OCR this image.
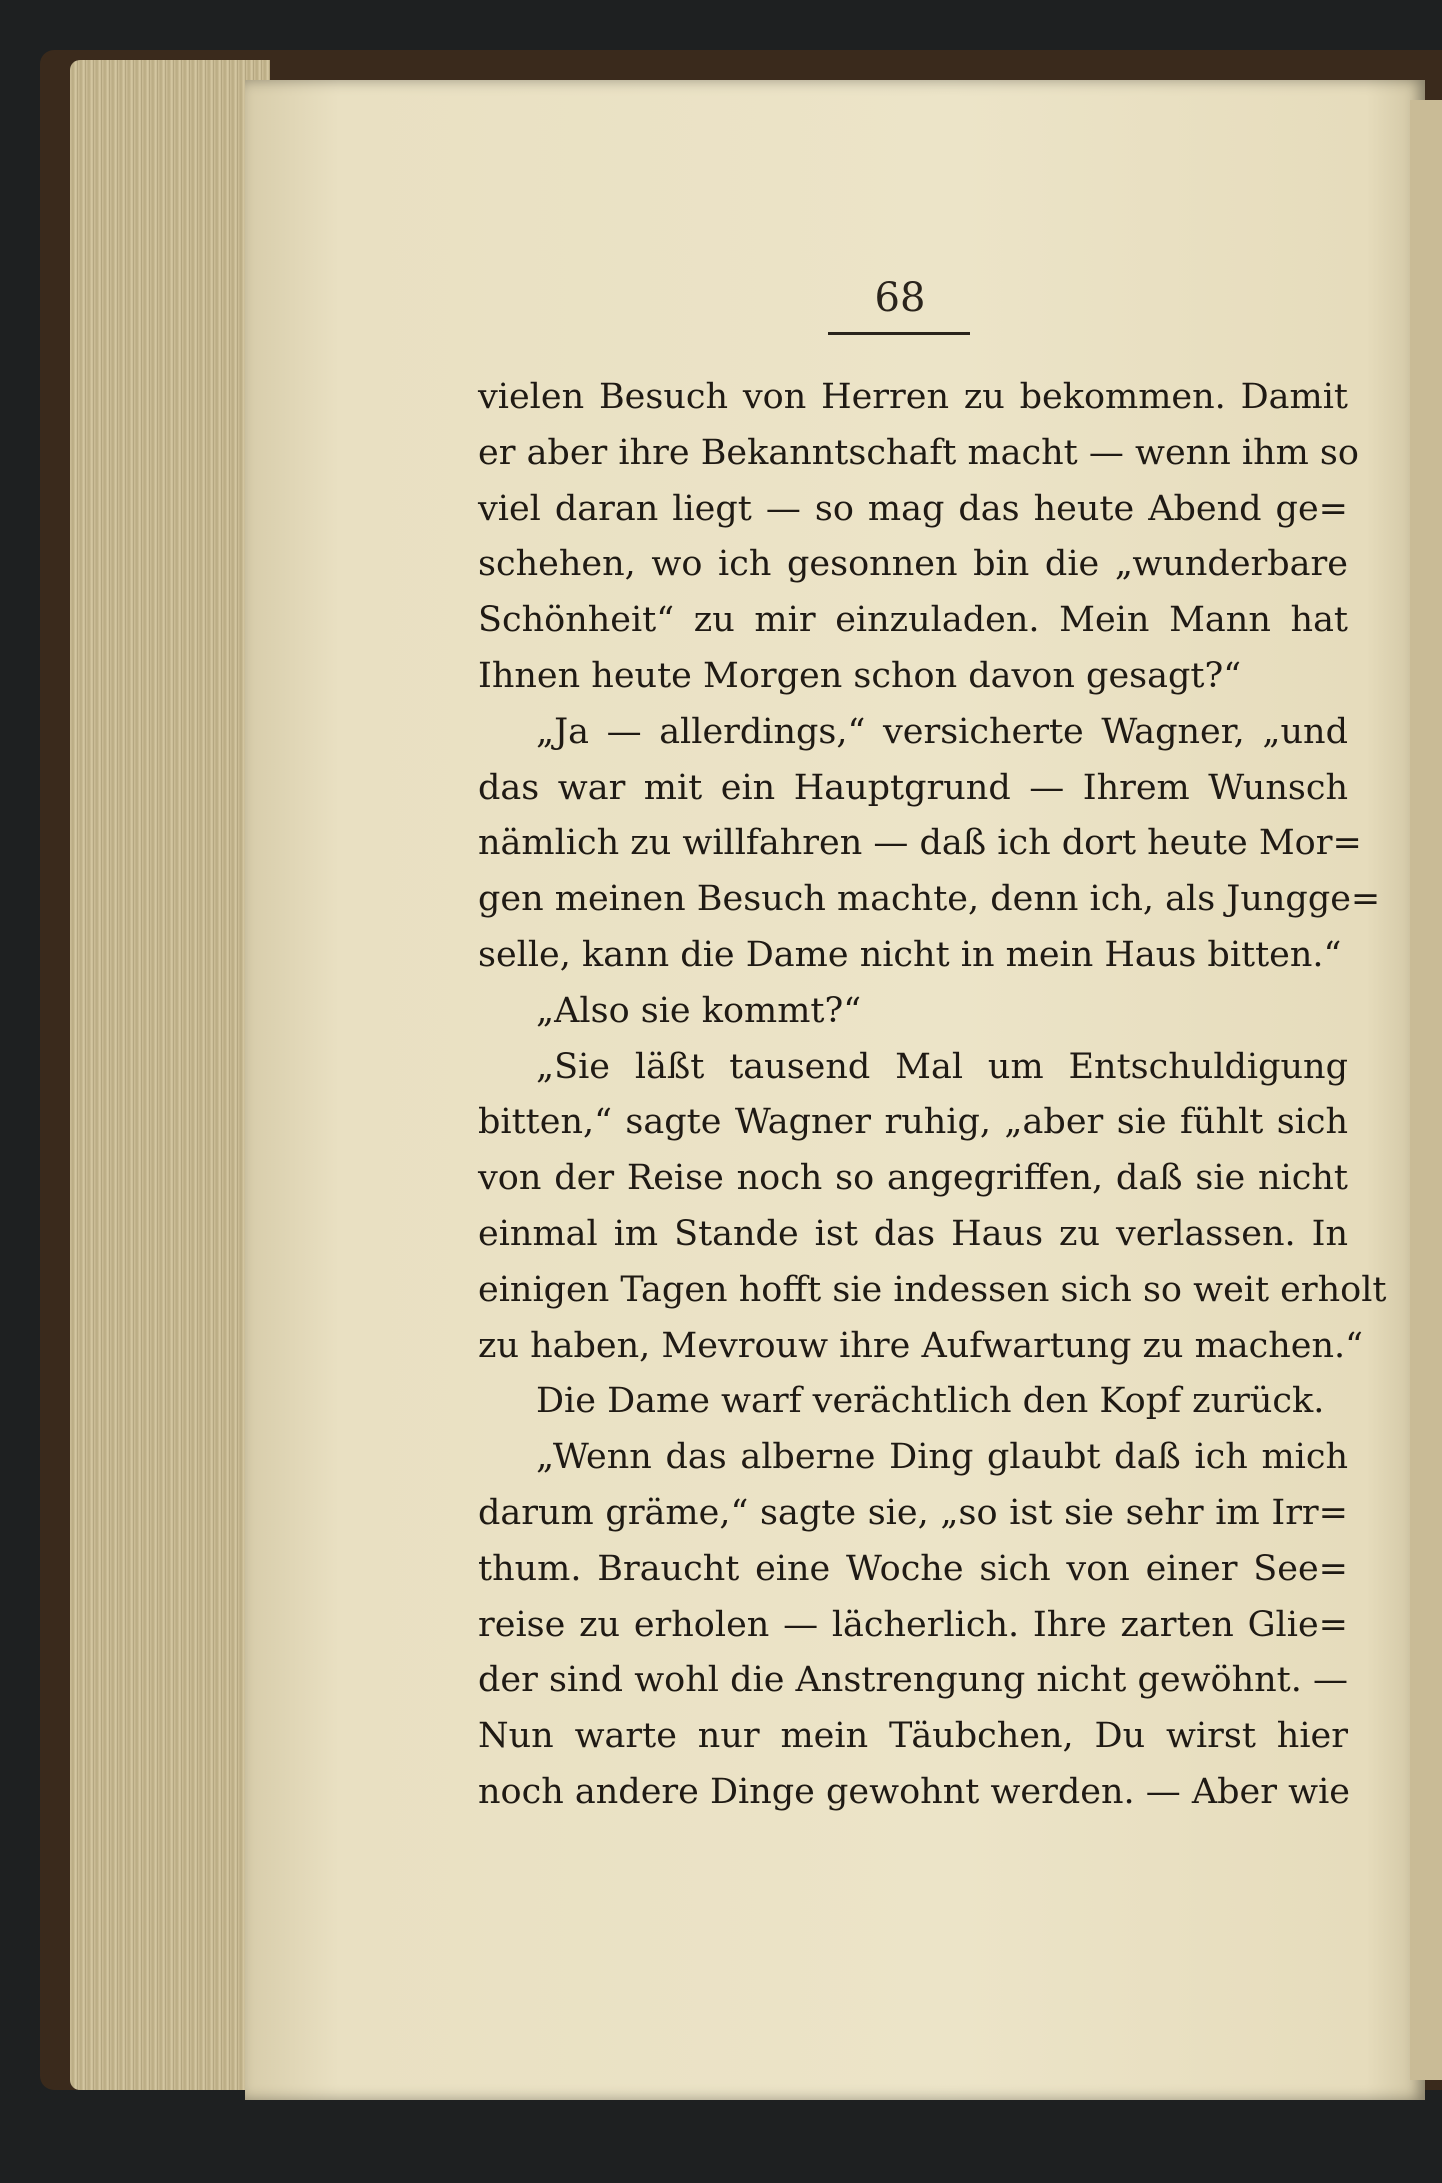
68
vielen Besuch von Herren zu bekommen. Damit
er aber ihre Bekanntschaft macht — wenn ihm so
viel daran liegt — so mag das heute Abend ge=
schehen, wo ich gesonnen bin die „wunderbare
Schönheit“ zu mir einzuladen. Mein Mann hat
Ihnen heute Morgen schon davon gesagt?“
„Ja — allerdings,“ versicherte Wagner, „und
das war mit ein Hauptgrund — Ihrem Wunsch
nämlich zu willfahren — daß ich dort heute Mor=
gen meinen Besuch machte, denn ich, als Jungge=
selle, kann die Dame nicht in mein Haus bitten.“
„Also sie kommt?“
„Sie läßt tausend Mal um Entschuldigung
bitten,“ sagte Wagner ruhig, „aber sie fühlt sich
von der Reise noch so angegriffen, daß sie nicht
einmal im Stande ist das Haus zu verlassen. In
einigen Tagen hofft sie indessen sich so weit erholt
zu haben, Mevrouw ihre Aufwartung zu machen.“
Die Dame warf verächtlich den Kopf zurück.
„Wenn das alberne Ding glaubt daß ich mich
darum gräme,“ sagte sie, „so ist sie sehr im Irr=
thum. Braucht eine Woche sich von einer See=
reise zu erholen — lächerlich. Ihre zarten Glie=
der sind wohl die Anstrengung nicht gewöhnt. —
Nun warte nur mein Täubchen, Du wirst hier
noch andere Dinge gewohnt werden. — Aber wie
